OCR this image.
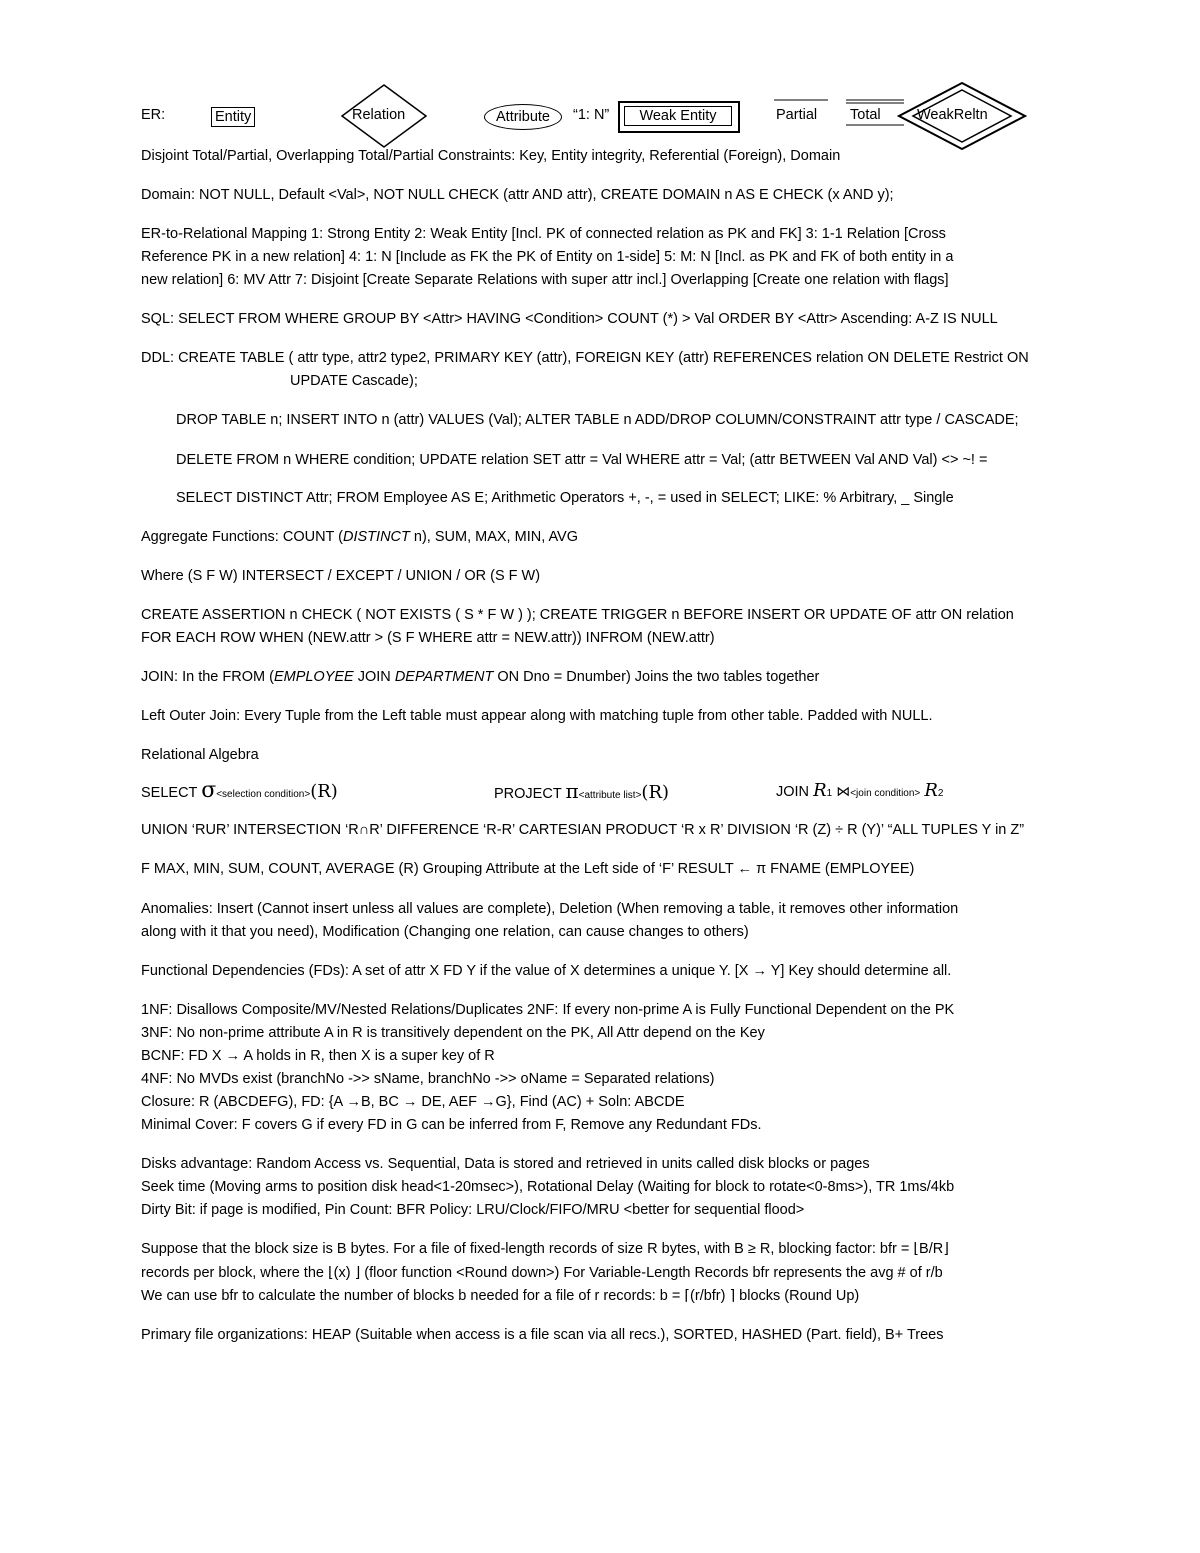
ER:	Entity	Relation	Attribute	“1: N”	Weak Entity	Partial Total	WeakReltn
Disjoint Total/Partial, Overlapping Total/Partial Constraints: Key, Entity integrity, Referential (Foreign), Domain
Domain: NOT NULL, Default <Val>, NOT NULL CHECK (attr AND attr), CREATE DOMAIN n AS E CHECK (x AND y);
ER-to-Relational Mapping 1: Strong Entity 2: Weak Entity [Incl. PK of connected relation as PK and FK] 3: 1-1 Relation [Cross
Reference PK in a new relation] 4: 1: N [Include as FK the PK of Entity on 1-side] 5: M: N [Incl. as PK and FK of both entity in a
new relation] 6: MV Attr 7: Disjoint [Create Separate Relations with super attr incl.] Overlapping [Create one relation with flags]
SQL: SELECT FROM WHERE GROUP BY <Attr> HAVING <Condition> COUNT (*) > Val ORDER BY <Attr> Ascending: A-Z IS NULL
DDL: CREATE TABLE ( attr type, attr2 type2, PRIMARY KEY (attr), FOREIGN KEY (attr) REFERENCES relation ON DELETE Restrict ON
UPDATE Cascade);
DROP TABLE n; INSERT INTO n (attr) VALUES (Val); ALTER TABLE n ADD/DROP COLUMN/CONSTRAINT attr type / CASCADE;
DELETE FROM n WHERE condition; UPDATE relation SET attr = Val WHERE attr = Val; (attr BETWEEN Val AND Val) <> ~! =
SELECT DISTINCT Attr; FROM Employee AS E; Arithmetic Operators +, -, = used in SELECT; LIKE: % Arbitrary, _ Single
Aggregate Functions: COUNT (DISTINCT n), SUM, MAX, MIN, AVG
Where (S F W) INTERSECT / EXCEPT / UNION / OR (S F W)
CREATE ASSERTION n CHECK ( NOT EXISTS ( S * F W ) ); CREATE TRIGGER n BEFORE INSERT OR UPDATE OF attr ON relation
FOR EACH ROW WHEN (NEW.attr > (S F WHERE attr = NEW.attr)) INFROM (NEW.attr)
JOIN: In the FROM (EMPLOYEE JOIN DEPARTMENT ON Dno = Dnumber) Joins the two tables together
Left Outer Join: Every Tuple from the Left table must appear along with matching tuple from other table. Padded with NULL.
Relational Algebra
SELECT σ<selection condition>(R)	PROJECT π<attribute list>(R)	JOIN R1 ⋈<join condition> R2
UNION ‘RUR’ INTERSECTION ‘R∩R’ DIFFERENCE ‘R-R’ CARTESIAN PRODUCT ‘R x R’ DIVISION ‘R (Z) ÷ R (Y)’ “ALL TUPLES Y in Z”
F MAX, MIN, SUM, COUNT, AVERAGE (R) Grouping Attribute at the Left side of ‘F’ RESULT ← π FNAME (EMPLOYEE)
Anomalies: Insert (Cannot insert unless all values are complete), Deletion (When removing a table, it removes other information
along with it that you need), Modification (Changing one relation, can cause changes to others)
Functional Dependencies (FDs): A set of attr X FD Y if the value of X determines a unique Y. [X → Y] Key should determine all.
1NF: Disallows Composite/MV/Nested Relations/Duplicates 2NF: If every non-prime A is Fully Functional Dependent on the PK
3NF: No non-prime attribute A in R is transitively dependent on the PK, All Attr depend on the Key
BCNF: FD X → A holds in R, then X is a super key of R
4NF: No MVDs exist (branchNo ->> sName, branchNo ->> oName = Separated relations)
Closure: R (ABCDEFG), FD: {A →B, BC → DE, AEF →G}, Find (AC) + Soln: ABCDE
Minimal Cover: F covers G if every FD in G can be inferred from F, Remove any Redundant FDs.
Disks advantage: Random Access vs. Sequential, Data is stored and retrieved in units called disk blocks or pages
Seek time (Moving arms to position disk head<1-20msec>), Rotational Delay (Waiting for block to rotate<0-8ms>), TR 1ms/4kb
Dirty Bit: if page is modified, Pin Count: BFR Policy: LRU/Clock/FIFO/MRU <better for sequential flood>
Suppose that the block size is B bytes. For a file of fixed-length records of size R bytes, with B ≥ R, blocking factor: bfr = ⌊B/R⌋
records per block, where the ⌊(x) ⌋ (floor function <Round down>) For Variable-Length Records bfr represents the avg # of r/b
We can use bfr to calculate the number of blocks b needed for a file of r records: b = ⌈(r/bfr) ⌉ blocks (Round Up)
Primary file organizations: HEAP (Suitable when access is a file scan via all recs.), SORTED, HASHED (Part. field), B+ Trees
